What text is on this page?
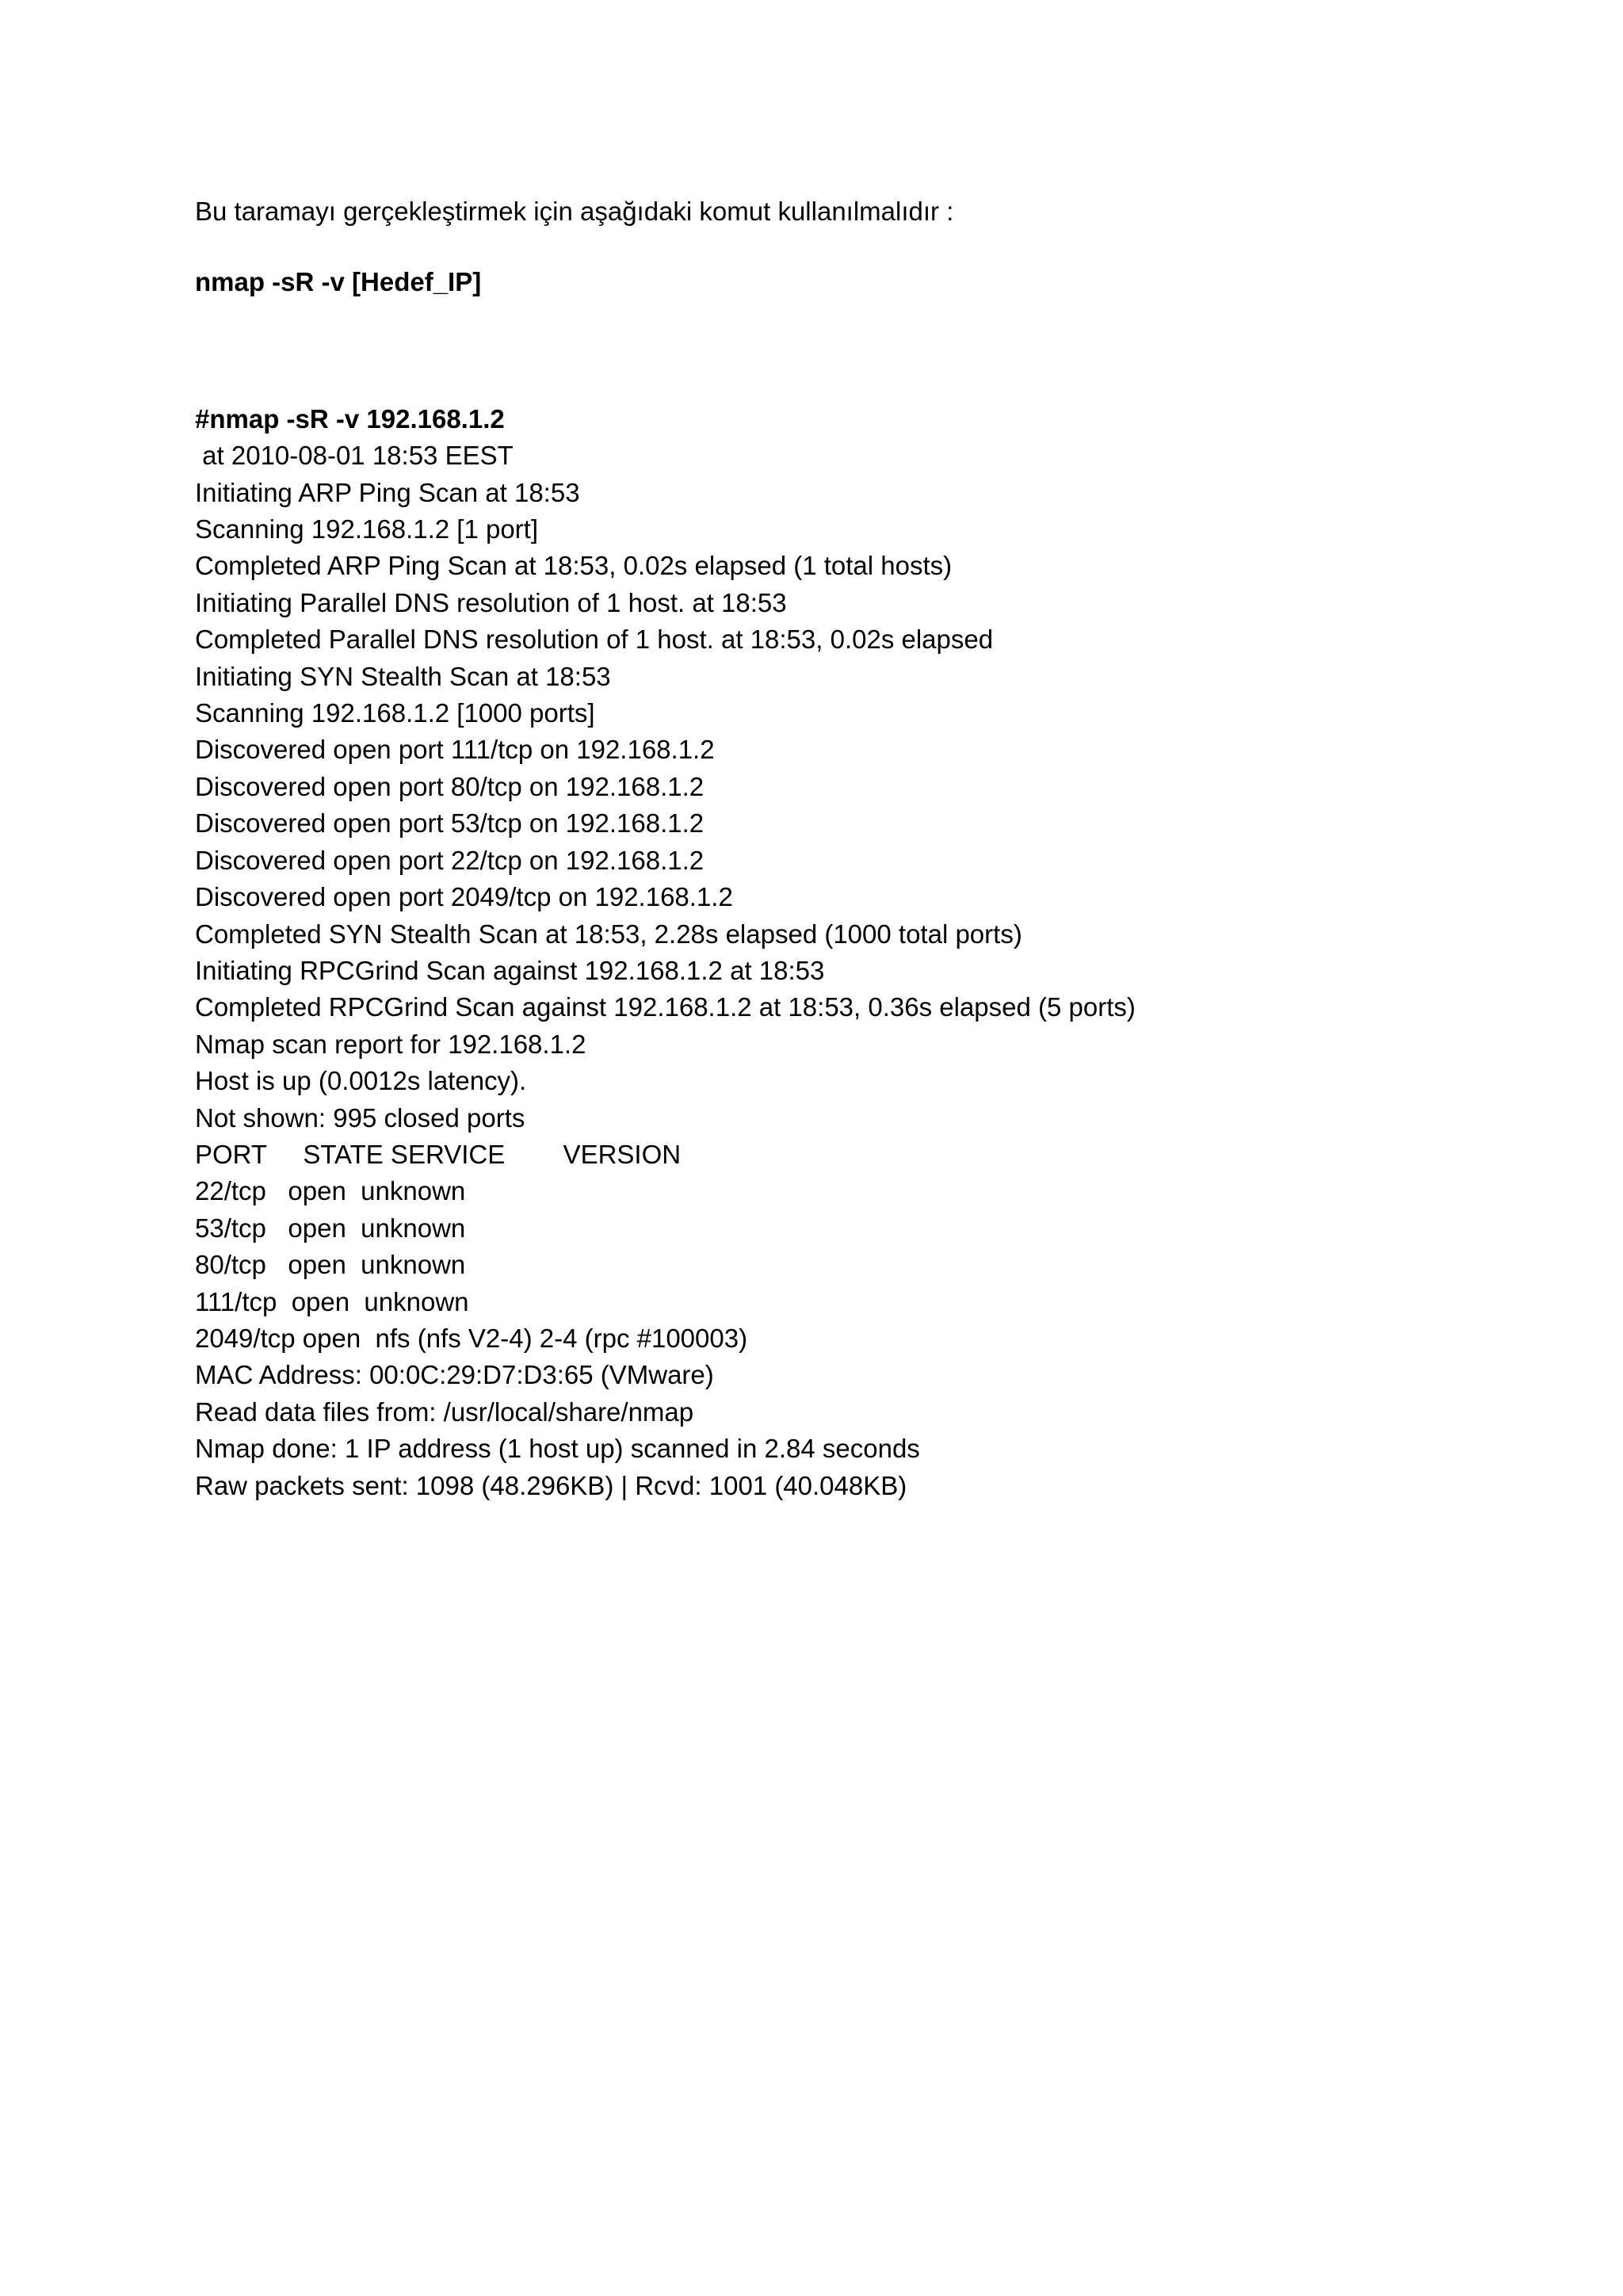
Bu taramayı gerçekleştirmek için aşağıdaki komut kullanılmalıdır :

nmap -sR -v [Hedef_IP]

#nmap -sR -v 192.168.1.2

at 2010-08-01 18:53 EEST
Initiating ARP Ping Scan at 18:53
Scanning 192.168.1.2 [1 port]
Completed ARP Ping Scan at 18:53, 0.02s elapsed (1 total hosts)
Initiating Parallel DNS resolution of 1 host. at 18:53
Completed Parallel DNS resolution of 1 host. at 18:53, 0.02s elapsed
Initiating SYN Stealth Scan at 18:53
Scanning 192.168.1.2 [1000 ports]
Discovered open port 111/tcp on 192.168.1.2
Discovered open port 80/tcp on 192.168.1.2
Discovered open port 53/tcp on 192.168.1.2
Discovered open port 22/tcp on 192.168.1.2
Discovered open port 2049/tcp on 192.168.1.2
Completed SYN Stealth Scan at 18:53, 2.28s elapsed (1000 total ports)
Initiating RPCGrind Scan against 192.168.1.2 at 18:53
Completed RPCGrind Scan against 192.168.1.2 at 18:53, 0.36s elapsed (5 ports)
Nmap scan report for 192.168.1.2
Host is up (0.0012s latency).
Not shown: 995 closed ports
PORT     STATE SERVICE        VERSION
22/tcp   open  unknown
53/tcp   open  unknown
80/tcp   open  unknown
111/tcp  open  unknown
2049/tcp open  nfs (nfs V2-4) 2-4 (rpc #100003)
MAC Address: 00:0C:29:D7:D3:65 (VMware)
Read data files from: /usr/local/share/nmap
Nmap done: 1 IP address (1 host up) scanned in 2.84 seconds
Raw packets sent: 1098 (48.296KB) | Rcvd: 1001 (40.048KB)
